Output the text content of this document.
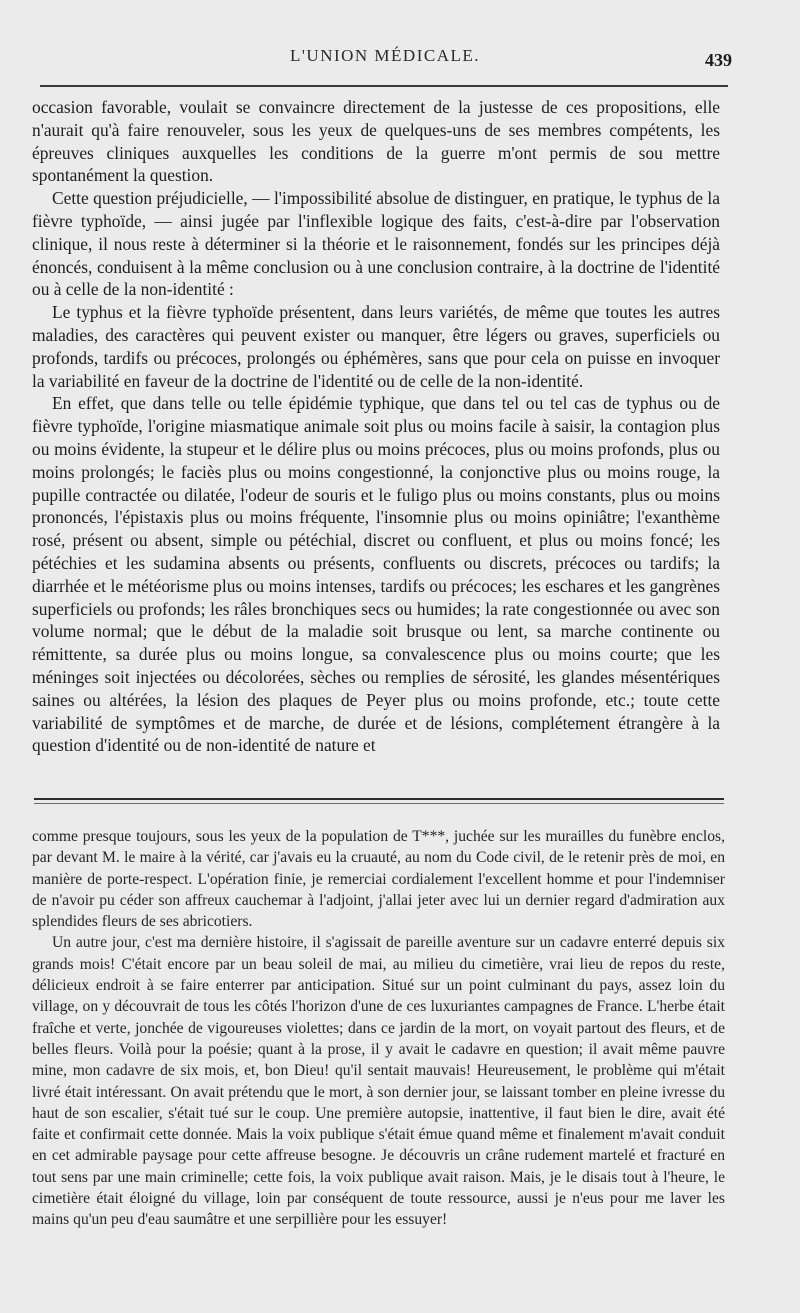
L'UNION MÉDICALE.	439

occasion favorable, voulait se convaincre directement de la justesse de ces propositions, elle n'aurait qu'à faire renouveler, sous les yeux de quelques-uns de ses membres compétents, les épreuves cliniques auxquelles les conditions de la guerre m'ont permis de sou mettre spontanément la question.

Cette question préjudicielle, — l'impossibilité absolue de distinguer, en pratique, le typhus de la fièvre typhoïde, — ainsi jugée par l'inflexible logique des faits, c'est-à-dire par l'observation clinique, il nous reste à déterminer si la théorie et le raisonnement, fondés sur les principes déjà énoncés, conduisent à la même conclusion ou à une conclusion contraire, à la doctrine de l'identité ou à celle de la non-identité :

Le typhus et la fièvre typhoïde présentent, dans leurs variétés, de même que toutes les autres maladies, des caractères qui peuvent exister ou manquer, être légers ou graves, superficiels ou profonds, tardifs ou précoces, prolongés ou éphémères, sans que pour cela on puisse en invoquer la variabilité en faveur de la doctrine de l'identité ou de celle de la non-identité.

En effet, que dans telle ou telle épidémie typhique, que dans tel ou tel cas de typhus ou de fièvre typhoïde, l'origine miasmatique animale soit plus ou moins facile à saisir, la contagion plus ou moins évidente, la stupeur et le délire plus ou moins précoces, plus ou moins profonds, plus ou moins prolongés; le faciès plus ou moins congestionné, la conjonctive plus ou moins rouge, la pupille contractée ou dilatée, l'odeur de souris et le fuligo plus ou moins constants, plus ou moins prononcés, l'épistaxis plus ou moins fréquente, l'insomnie plus ou moins opiniâtre; l'exanthème rosé, présent ou absent, simple ou pétéchial, discret ou confluent, et plus ou moins foncé; les pétéchies et les sudamina absents ou présents, confluents ou discrets, précoces ou tardifs; la diarrhée et le météorisme plus ou moins intenses, tardifs ou précoces; les eschares et les gangrènes superficiels ou profonds; les râles bronchiques secs ou humides; la rate congestionnée ou avec son volume normal; que le début de la maladie soit brusque ou lent, sa marche continente ou rémittente, sa durée plus ou moins longue, sa convalescence plus ou moins courte; que les méninges soit injectées ou décolorées, sèches ou remplies de sérosité, les glandes mésentériques saines ou altérées, la lésion des plaques de Peyer plus ou moins profonde, etc.; toute cette variabilité de symptômes et de marche, de durée et de lésions, complétement étrangère à la question d'identité ou de non-identité de nature et

comme presque toujours, sous les yeux de la population de T***, juchée sur les murailles du funèbre enclos, par devant M. le maire à la vérité, car j'avais eu la cruauté, au nom du Code civil, de le retenir près de moi, en manière de porte-respect. L'opération finie, je remerciai cordialement l'excellent homme et pour l'indemniser de n'avoir pu céder son affreux cauchemar à l'adjoint, j'allai jeter avec lui un dernier regard d'admiration aux splendides fleurs de ses abricotiers.

Un autre jour, c'est ma dernière histoire, il s'agissait de pareille aventure sur un cadavre enterré depuis six grands mois! C'était encore par un beau soleil de mai, au milieu du cimetière, vrai lieu de repos du reste, délicieux endroit à se faire enterrer par anticipation. Situé sur un point culminant du pays, assez loin du village, on y découvrait de tous les côtés l'horizon d'une de ces luxuriantes campagnes de France. L'herbe était fraîche et verte, jonchée de vigoureuses violettes; dans ce jardin de la mort, on voyait partout des fleurs, et de belles fleurs. Voilà pour la poésie; quant à la prose, il y avait le cadavre en question; il avait même pauvre mine, mon cadavre de six mois, et, bon Dieu! qu'il sentait mauvais! Heureusement, le problème qui m'était livré était intéressant. On avait prétendu que le mort, à son dernier jour, se laissant tomber en pleine ivresse du haut de son escalier, s'était tué sur le coup. Une première autopsie, inattentive, il faut bien le dire, avait été faite et confirmait cette donnée. Mais la voix publique s'était émue quand même et finalement m'avait conduit en cet admirable paysage pour cette affreuse besogne. Je découvris un crâne rudement martelé et fracturé en tout sens par une main criminelle; cette fois, la voix publique avait raison. Mais, je le disais tout à l'heure, le cimetière était éloigné du village, loin par conséquent de toute ressource, aussi je n'eus pour me laver les mains qu'un peu d'eau saumâtre et une serpillière pour les essuyer!
